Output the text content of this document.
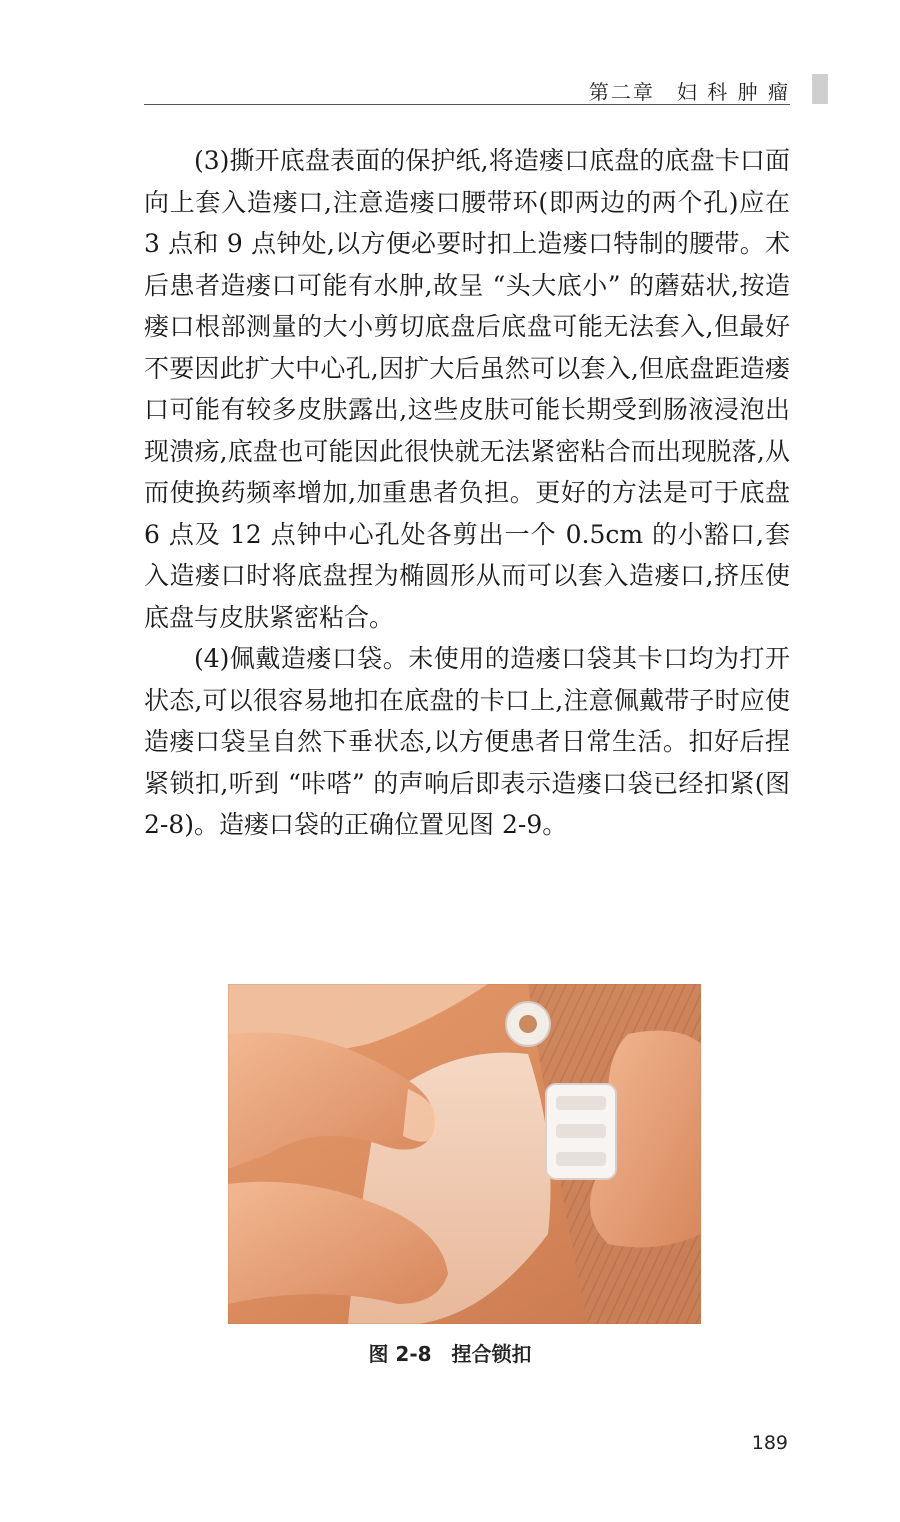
第二章　妇 科 肿 瘤

(3)撕开底盘表面的保护纸,将造瘘口底盘的底盘卡口面向上套入造瘘口,注意造瘘口腰带环(即两边的两个孔)应在 3 点和 9 点钟处,以方便必要时扣上造瘘口特制的腰带。术后患者造瘘口可能有水肿,故呈 “头大底小” 的蘑菇状,按造瘘口根部测量的大小剪切底盘后底盘可能无法套入,但最好不要因此扩大中心孔,因扩大后虽然可以套入,但底盘距造瘘口可能有较多皮肤露出,这些皮肤可能长期受到肠液浸泡出现溃疡,底盘也可能因此很快就无法紧密粘合而出现脱落,从而使换药频率增加,加重患者负担。更好的方法是可于底盘 6 点及 12 点钟中心孔处各剪出一个 0.5cm 的小豁口,套入造瘘口时将底盘捏为椭圆形从而可以套入造瘘口,挤压使底盘与皮肤紧密粘合。

(4)佩戴造瘘口袋。未使用的造瘘口袋其卡口均为打开状态,可以很容易地扣在底盘的卡口上,注意佩戴带子时应使造瘘口袋呈自然下垂状态,以方便患者日常生活。扣好后捏紧锁扣,听到 “咔嗒” 的声响后即表示造瘘口袋已经扣紧(图 2-8)。造瘘口袋的正确位置见图 2-9。

图 2-8　捏合锁扣
189
